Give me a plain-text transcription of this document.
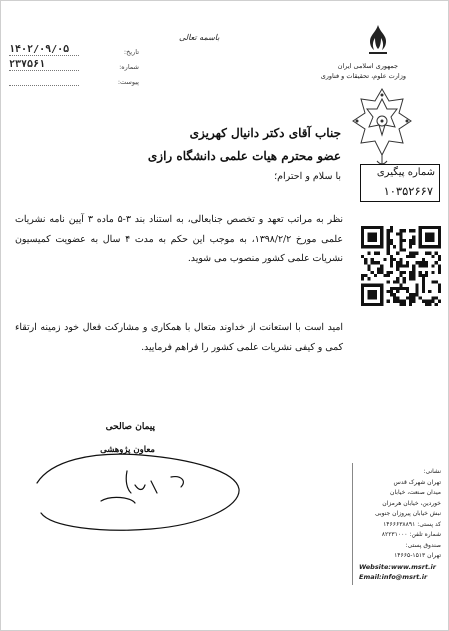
باسمه تعالی
جمهوری اسلامی ایران
وزارت علوم، تحقیقات و فناوری
تاریخ:
۱۴۰۲/۰۹/۰۵
شماره:
۲۳۷۵۶۱
پیوست:
شماره پیگیری
۱۰۳۵۲۶۶۷
جناب آقای دکتر دانیال کهریزی
عضو محترم هیات علمی دانشگاه رازی
با سلام و احترام؛
نظر به مراتب تعهد و تخصص جنابعالی، به استناد بند ۳-۵ ماده ۳ آیین نامه نشریات علمی مورخ ۱۳۹۸/۲/۲، به موجب این حکم به مدت ۴ سال به عضویت کمیسیون نشریات علمی کشور منصوب می شوید.
امید است با استعانت از خداوند متعال با همکاری و مشارکت فعال خود زمینه ارتقاء کمی و کیفی نشریات علمی کشور را فراهم فرمایید.
پیمان صالحی
معاون پژوهشی
نشانی:
تهران شهرک قدس
میدان صنعت، خیابان
خوردین، خیابان هرمزان
نبش خیابان پیروزان جنوبی
کد پستی: ۱۴۶۶۶۳۸۸۹۱
شماره تلفن: ۸۲۲۳۱۰۰۰
صندوق پستی:
تهران ۱۵۱۳-۱۴۶۶۵
Website:www.msrt.ir
Email:info@msrt.ir
